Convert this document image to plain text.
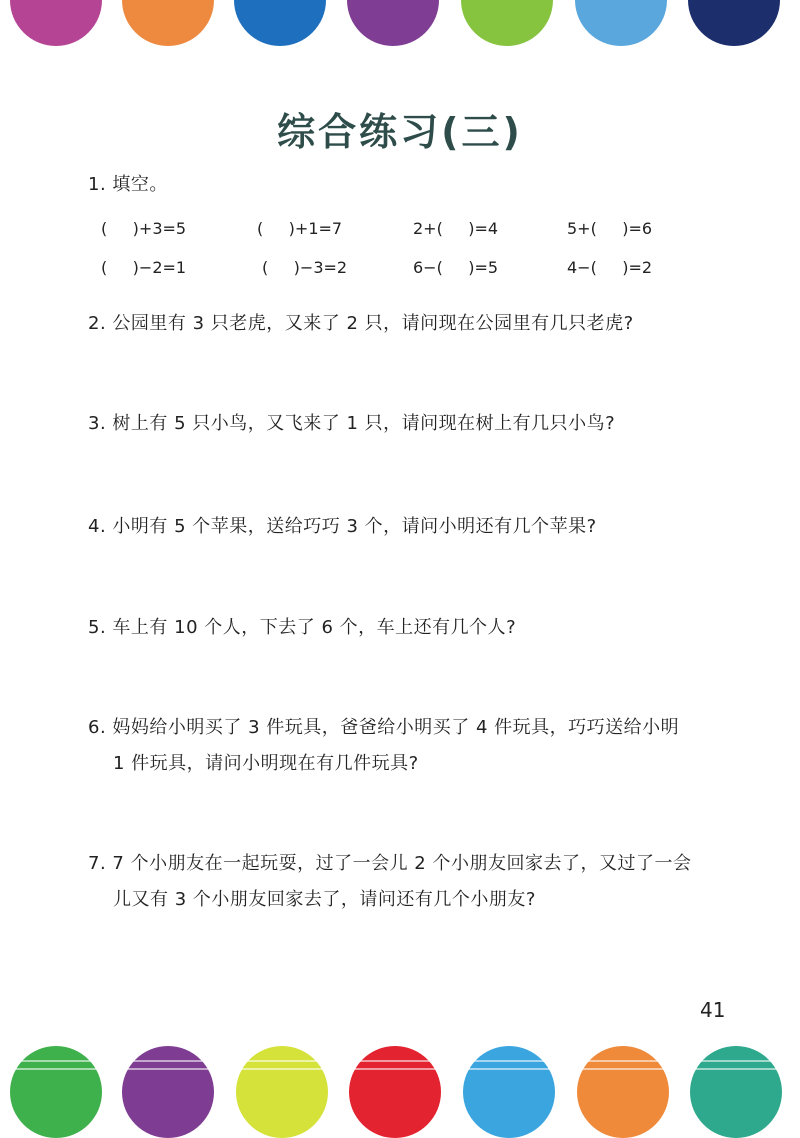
综合练习(三)
1. 填空。
(     )+3=5	(     )+1=7	2+(     )=4	5+(     )=6
(     )−2=1	(     )−3=2	6−(     )=5	4−(     )=2
2. 公园里有 3 只老虎，又来了 2 只，请问现在公园里有几只老虎?
3. 树上有 5 只小鸟，又飞来了 1 只，请问现在树上有几只小鸟?
4. 小明有 5 个苹果，送给巧巧 3 个，请问小明还有几个苹果?
5. 车上有 10 个人，下去了 6 个，车上还有几个人?
6. 妈妈给小明买了 3 件玩具，爸爸给小明买了 4 件玩具，巧巧送给小明
1 件玩具，请问小明现在有几件玩具?
7. 7 个小朋友在一起玩耍，过了一会儿 2 个小朋友回家去了，又过了一会
儿又有 3 个小朋友回家去了，请问还有几个小朋友?
41
